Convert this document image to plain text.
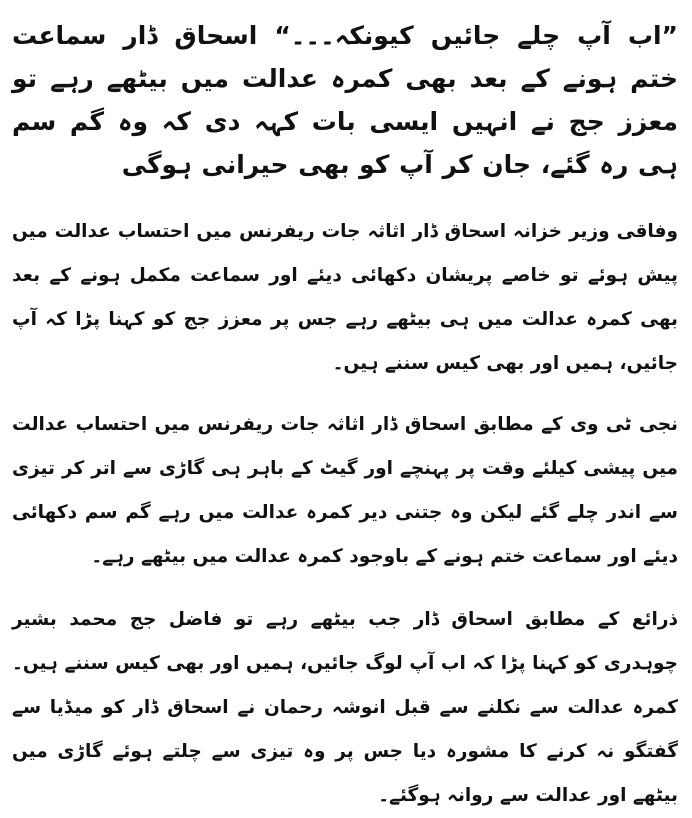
”اب آپ چلے جائیں کیونکہ۔۔۔“ اسحاق ڈار سماعت ختم ہونے کے بعد بھی کمرہ عدالت میں بیٹھے رہے تو معزز جج نے انہیں ایسی بات کہہ دی کہ وہ گم سم ہی رہ گئے، جان کر آپ کو بھی حیرانی ہوگی

وفاقی وزیر خزانہ اسحاق ڈار اثاثہ جات ریفرنس میں احتساب عدالت میں پیش ہوئے تو خاصے پریشان دکھائی دیئے اور سماعت مکمل ہونے کے بعد بھی کمرہ عدالت میں ہی بیٹھے رہے جس پر معزز جج کو کہنا پڑا کہ آپ جائیں، ہمیں اور بھی کیس سننے ہیں۔

نجی ٹی وی کے مطابق اسحاق ڈار اثاثہ جات ریفرنس میں احتساب عدالت میں پیشی کیلئے وقت پر پہنچے اور گیٹ کے باہر ہی گاڑی سے اتر کر تیزی سے اندر چلے گئے لیکن وہ جتنی دیر کمرہ عدالت میں رہے گم سم دکھائی دیئے اور سماعت ختم ہونے کے باوجود کمرہ عدالت میں بیٹھے رہے۔

ذرائع کے مطابق اسحاق ڈار جب بیٹھے رہے تو فاضل جج محمد بشیر چوہدری کو کہنا پڑا کہ اب آپ لوگ جائیں، ہمیں اور بھی کیس سننے ہیں۔ کمرہ عدالت سے نکلنے سے قبل انوشہ رحمان نے اسحاق ڈار کو میڈیا سے گفتگو نہ کرنے کا مشورہ دیا جس پر وہ تیزی سے چلتے ہوئے گاڑی میں بیٹھے اور عدالت سے روانہ ہوگئے۔
